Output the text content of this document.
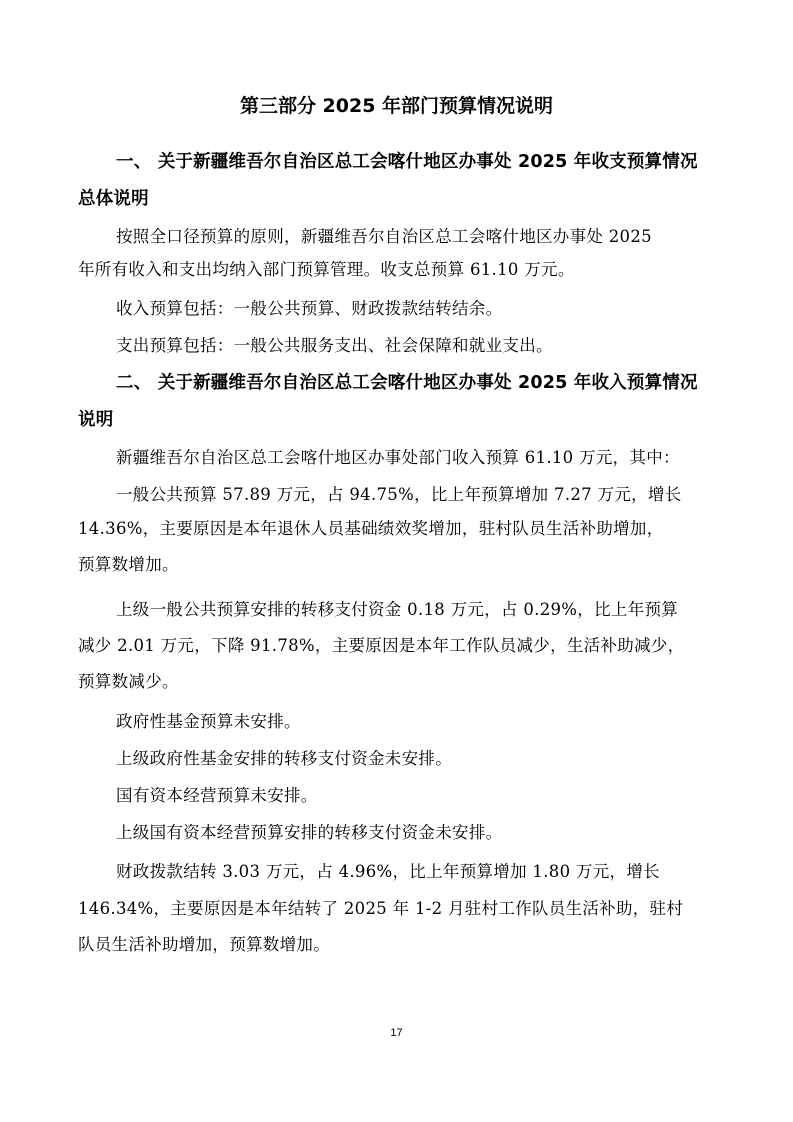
第三部分 2025 年部门预算情况说明
一、 关于新疆维吾尔自治区总工会喀什地区办事处 2025 年收支预算情况
总体说明
按照全口径预算的原则，新疆维吾尔自治区总工会喀什地区办事处 2025
年所有收入和支出均纳入部门预算管理。收支总预算 61.10 万元。
收入预算包括：一般公共预算、财政拨款结转结余。
支出预算包括：一般公共服务支出、社会保障和就业支出。
二、 关于新疆维吾尔自治区总工会喀什地区办事处 2025 年收入预算情况
说明
新疆维吾尔自治区总工会喀什地区办事处部门收入预算 61.10 万元，其中：
一般公共预算 57.89 万元，占 94.75%，比上年预算增加 7.27 万元，增长
14.36%，主要原因是本年退休人员基础绩效奖增加，驻村队员生活补助增加，
预算数增加。
上级一般公共预算安排的转移支付资金 0.18 万元，占 0.29%，比上年预算
减少 2.01 万元，下降 91.78%，主要原因是本年工作队员减少，生活补助减少，
预算数减少。
政府性基金预算未安排。
上级政府性基金安排的转移支付资金未安排。
国有资本经营预算未安排。
上级国有资本经营预算安排的转移支付资金未安排。
财政拨款结转 3.03 万元，占 4.96%，比上年预算增加 1.80 万元，增长
146.34%，主要原因是本年结转了 2025 年 1-2 月驻村工作队员生活补助，驻村
队员生活补助增加，预算数增加。
17
